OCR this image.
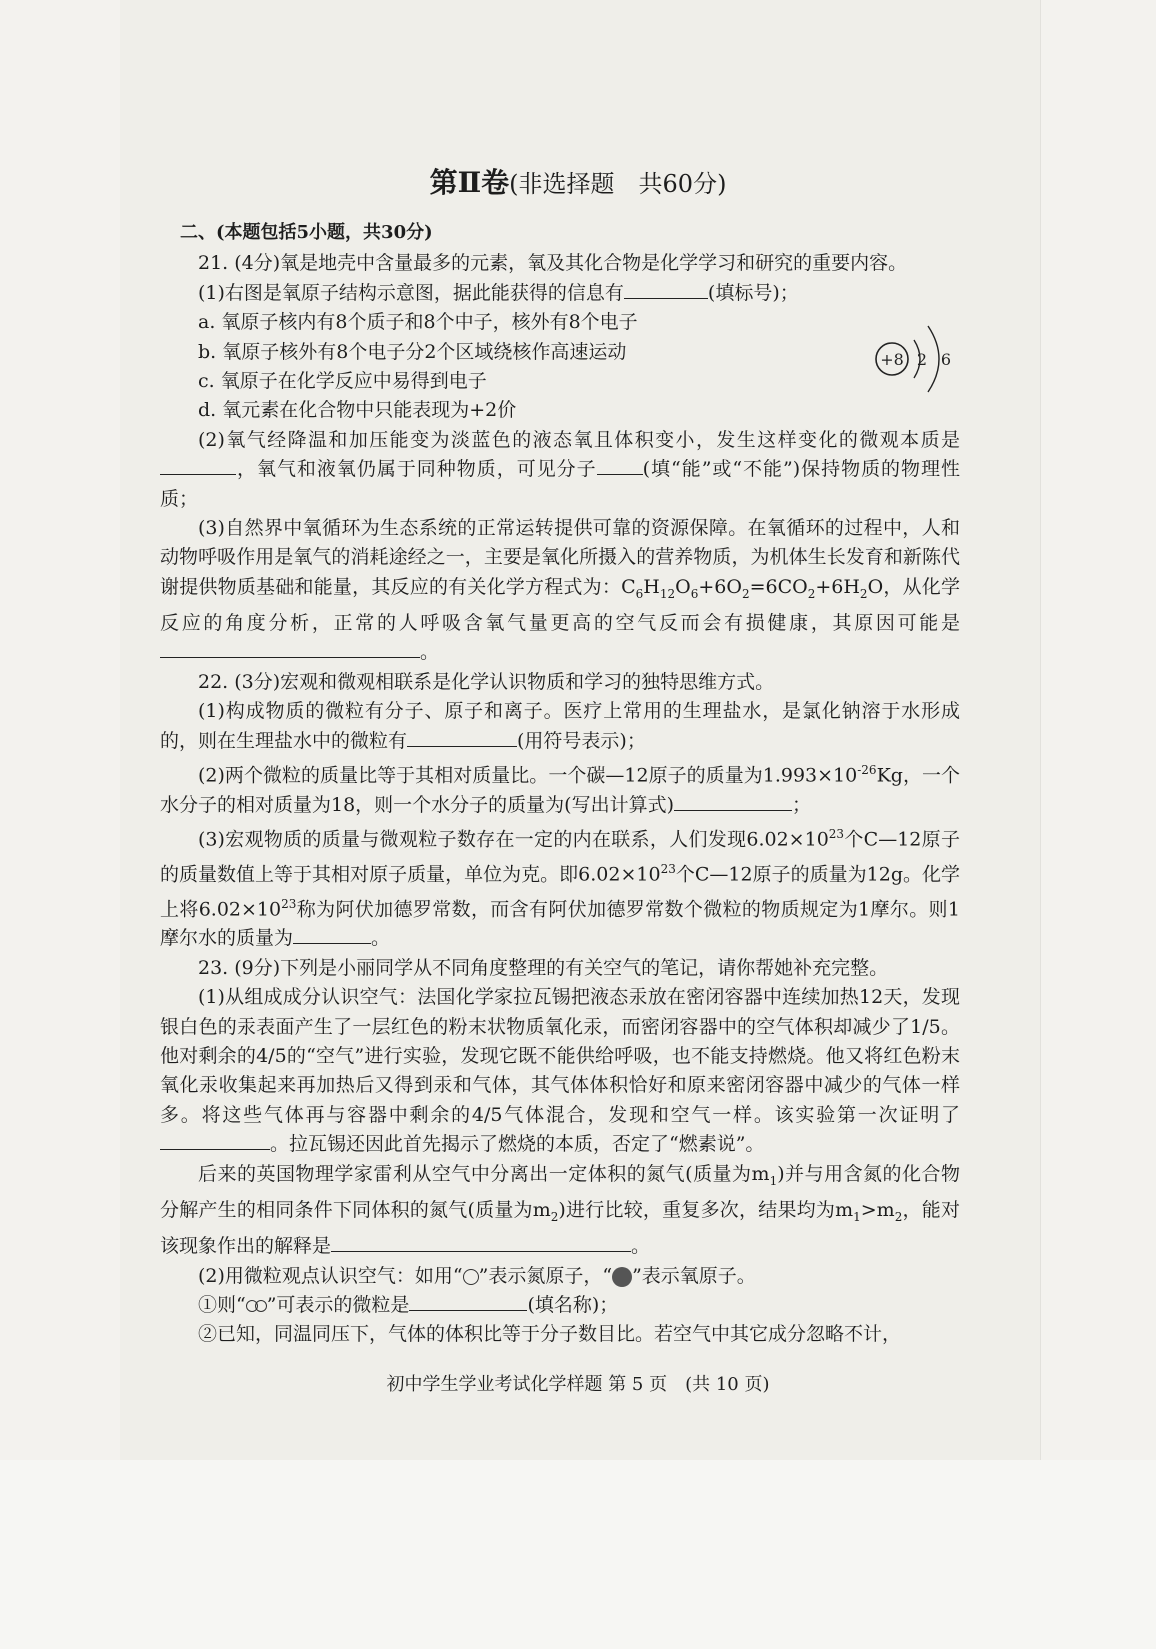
第Ⅱ卷(非选择题　共60分)
+8 2 6

二、(本题包括5小题，共30分)

21. (4分)氧是地壳中含量最多的元素，氧及其化合物是化学学习和研究的重要内容。

(1)右图是氧原子结构示意图，据此能获得的信息有	(填标号)；

a. 氧原子核内有8个质子和8个中子，核外有8个电子

b. 氧原子核外有8个电子分2个区域绕核作高速运动

c. 氧原子在化学反应中易得到电子

d. 氧元素在化合物中只能表现为+2价

(2)氧气经降温和加压能变为淡蓝色的液态氧且体积变小，发生这样变化的微观本质是，氧气和液氧仍属于同种物质，可见分子 (填“能”或“不能”)保持物质的物理性质；

(3)自然界中氧循环为生态系统的正常运转提供可靠的资源保障。在氧循环的过程中，人和动物呼吸作用是氧气的消耗途经之一，主要是氧化所摄入的营养物质，为机体生长发育和新陈代谢提供物质基础和能量，其反应的有关化学方程式为：$C_6H_{12}O_6+6O_2=6CO_2+6H_2O$，从化学反应的角度分析，正常的人呼吸含氧气量更高的空气反而会有损健康，其原因可能是。

22. (3分)宏观和微观相联系是化学认识物质和学习的独特思维方式。

(1)构成物质的微粒有分子、原子和离子。医疗上常用的生理盐水，是氯化钠溶于水形成的，则在生理盐水中的微粒有	(用符号表示)；

(2)两个微粒的质量比等于其相对质量比。一个碳—12原子的质量为$1.993\times 10^{-26}Kg$，一个水分子的相对质量为18，则一个水分子的质量为(写出计算式)	；

(3)宏观物质的质量与微观粒子数存在一定的内在联系，人们发现$6.02\times 10^{23}$个C—12原子的质量数值上等于其相对原子质量，单位为克。即$6.02\times 10^{23}$个C—12原子的质量为12g。化学上将$6.02\times 10^{23}$称为阿伏加德罗常数，而含有阿伏加德罗常数个微粒的物质规定为1摩尔。则1摩尔水的质量为	。

23. (9分)下列是小丽同学从不同角度整理的有关空气的笔记，请你帮她补充完整。

(1)从组成成分认识空气：法国化学家拉瓦锡把液态汞放在密闭容器中连续加热12天，发现银白色的汞表面产生了一层红色的粉末状物质氧化汞，而密闭容器中的空气体积却减少了1/5。他对剩余的4/5的“空气”进行实验，发现它既不能供给呼吸，也不能支持燃烧。他又将红色粉末氧化汞收集起来再加热后又得到汞和气体，其气体体积恰好和原来密闭容器中减少的气体一样多。将这些气体再与容器中剩余的4/5气体混合，发现和空气一样。该实验第一次证明了。拉瓦锡还因此首先揭示了燃烧的本质，否定了“燃素说”。

后来的英国物理学家雷利从空气中分离出一定体积的氮气(质量为$m_1$)并与用含氮的化合物分解产生的相同条件下同体积的氮气(质量为$m_2$)进行比较，重复多次，结果均为$m_1>m_2$，能对该现象作出的解释是	。

(2)用微粒观点认识空气：如用“ ”表示氮原子，“ ”表示氧原子。

①则“ ”可表示的微粒是	(填名称)；

②已知，同温同压下，气体的体积比等于分子数目比。若空气中其它成分忽略不计，

初中学生学业考试化学样题 第 5 页　(共 10 页)
